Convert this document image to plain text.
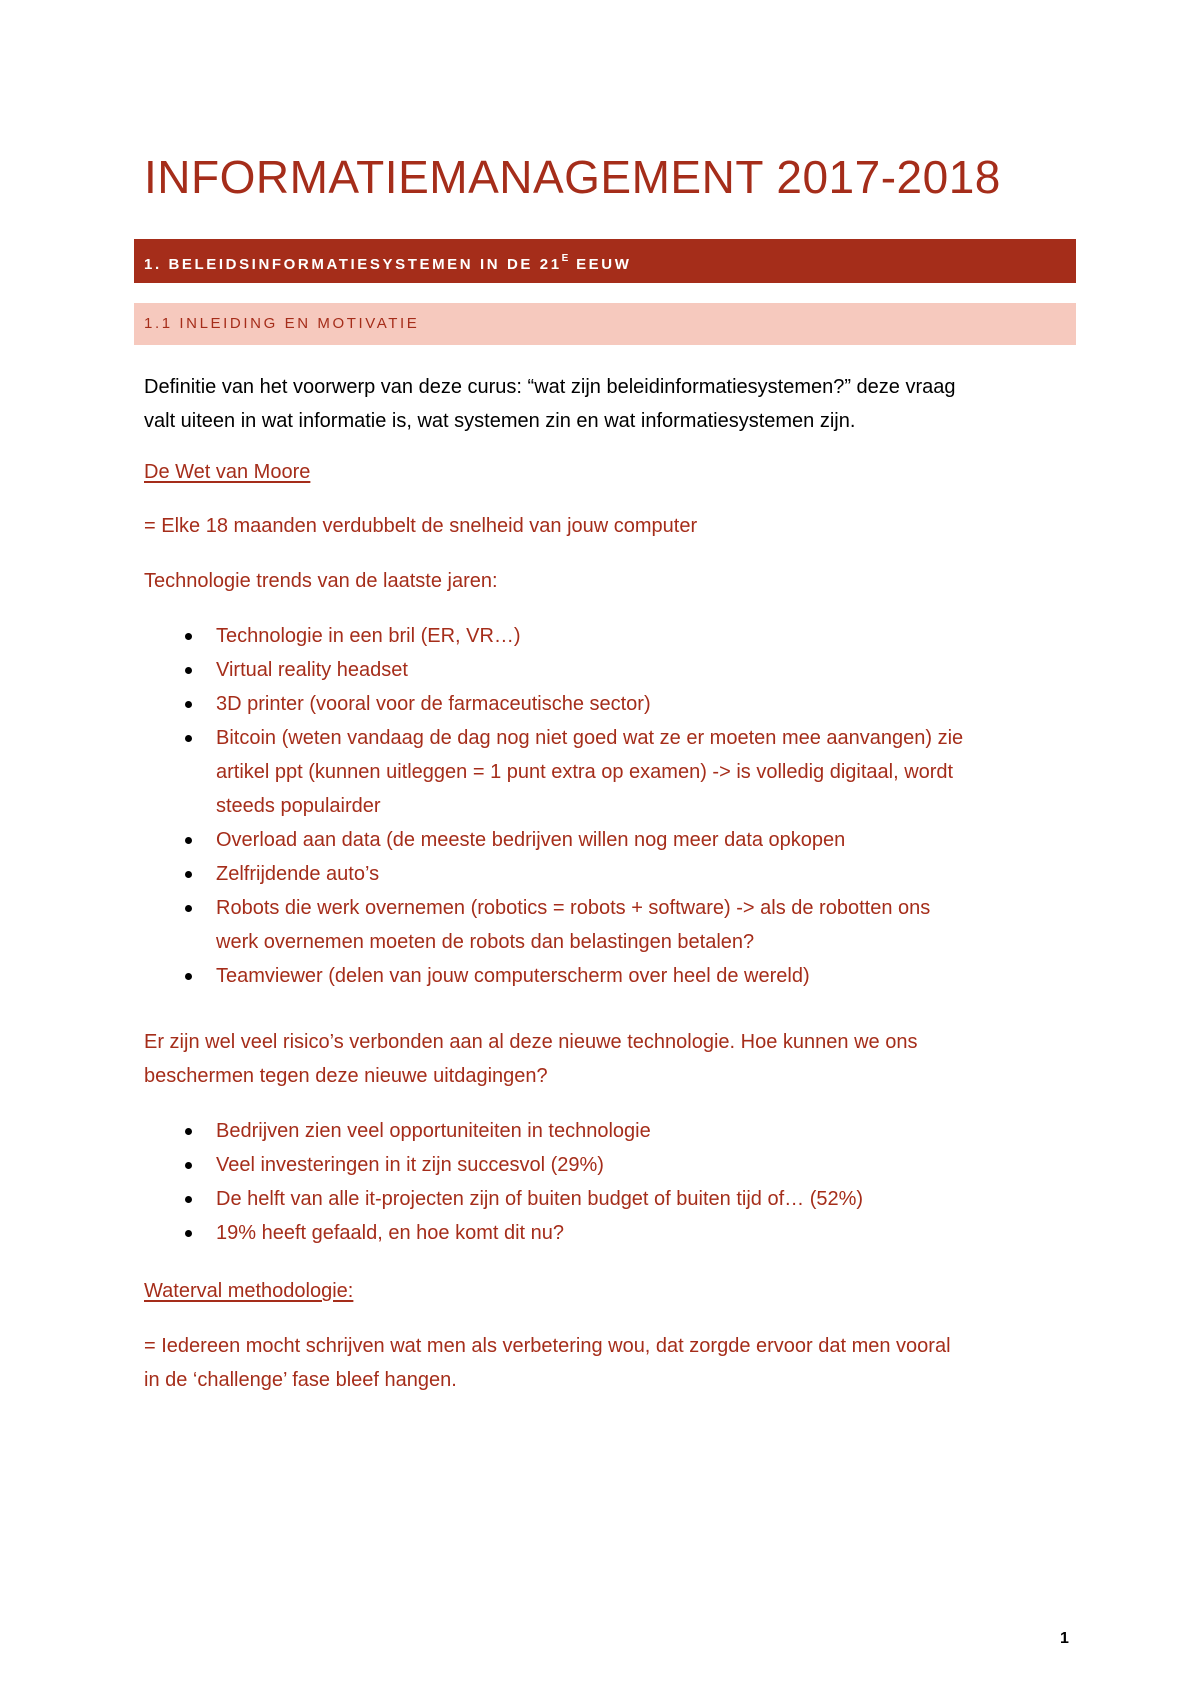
INFORMATIEMANAGEMENT 2017-2018
1. BELEIDSINFORMATIESYSTEMEN IN DE $21^E$ EEUW
1.1 INLEIDING EN MOTIVATIE

Definitie van het voorwerp van deze curus: “wat zijn beleidinformatiesystemen?” deze vraag

valt uiteen in wat informatie is, wat systemen zin en wat informatiesystemen zijn.

De Wet van Moore

= Elke 18 maanden verdubbelt de snelheid van jouw computer

Technologie trends van de laatste jaren:

Technologie in een bril (ER, VR…)
Virtual reality headset
3D printer (vooral voor de farmaceutische sector)
Bitcoin (weten vandaag de dag nog niet goed wat ze er moeten mee aanvangen) zie
artikel ppt (kunnen uitleggen = 1 punt extra op examen) -> is volledig digitaal, wordt
steeds populairder
Overload aan data (de meeste bedrijven willen nog meer data opkopen
Zelfrijdende auto’s
Robots die werk overnemen (robotics = robots + software) -> als de robotten ons
werk overnemen moeten de robots dan belastingen betalen?
Teamviewer (delen van jouw computerscherm over heel de wereld)

Er zijn wel veel risico’s verbonden aan al deze nieuwe technologie. Hoe kunnen we ons

beschermen tegen deze nieuwe uitdagingen?

Bedrijven zien veel opportuniteiten in technologie
Veel investeringen in it zijn succesvol (29%)
De helft van alle it-projecten zijn of buiten budget of buiten tijd of… (52%)
19% heeft gefaald, en hoe komt dit nu?

Waterval methodologie:

= Iedereen mocht schrijven wat men als verbetering wou, dat zorgde ervoor dat men vooral

in de ‘challenge’ fase bleef hangen.

1
